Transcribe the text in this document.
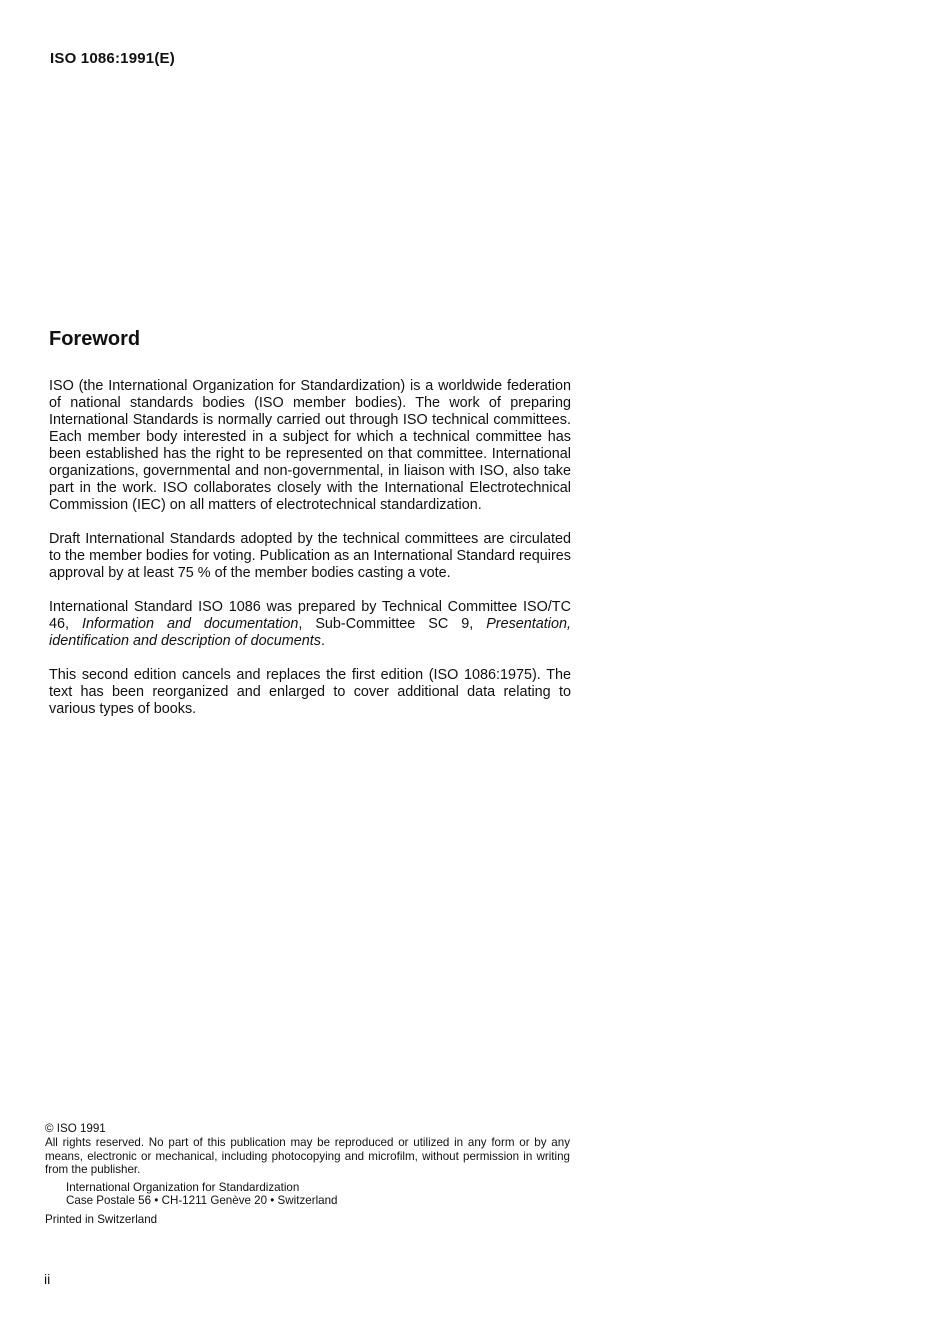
ISO 1086:1991(E)
Foreword

ISO (the International Organization for Standardization) is a worldwide federation of national standards bodies (ISO member bodies). The work of preparing International Standards is normally carried out through ISO technical committees. Each member body interested in a subject for which a technical committee has been established has the right to be represented on that committee. International organizations, governmental and non-governmental, in liaison with ISO, also take part in the work. ISO collaborates closely with the International Electrotechnical Commission (IEC) on all matters of electrotechnical standardization.

Draft International Standards adopted by the technical committees are circulated to the member bodies for voting. Publication as an International Standard requires approval by at least 75 % of the member bodies casting a vote.

International Standard ISO 1086 was prepared by Technical Committee ISO/TC 46, Information and documentation, Sub-Committee SC 9, Presentation, identification and description of documents.

This second edition cancels and replaces the first edition (ISO 1086:1975). The text has been reorganized and enlarged to cover additional data relating to various types of books.

© ISO 1991
All rights reserved. No part of this publication may be reproduced or utilized in any form or by any means, electronic or mechanical, including photocopying and microfilm, without permission in writing from the publisher.
International Organization for Standardization
Case Postale 56 • CH-1211 Genève 20 • Switzerland
Printed in Switzerland
ii
